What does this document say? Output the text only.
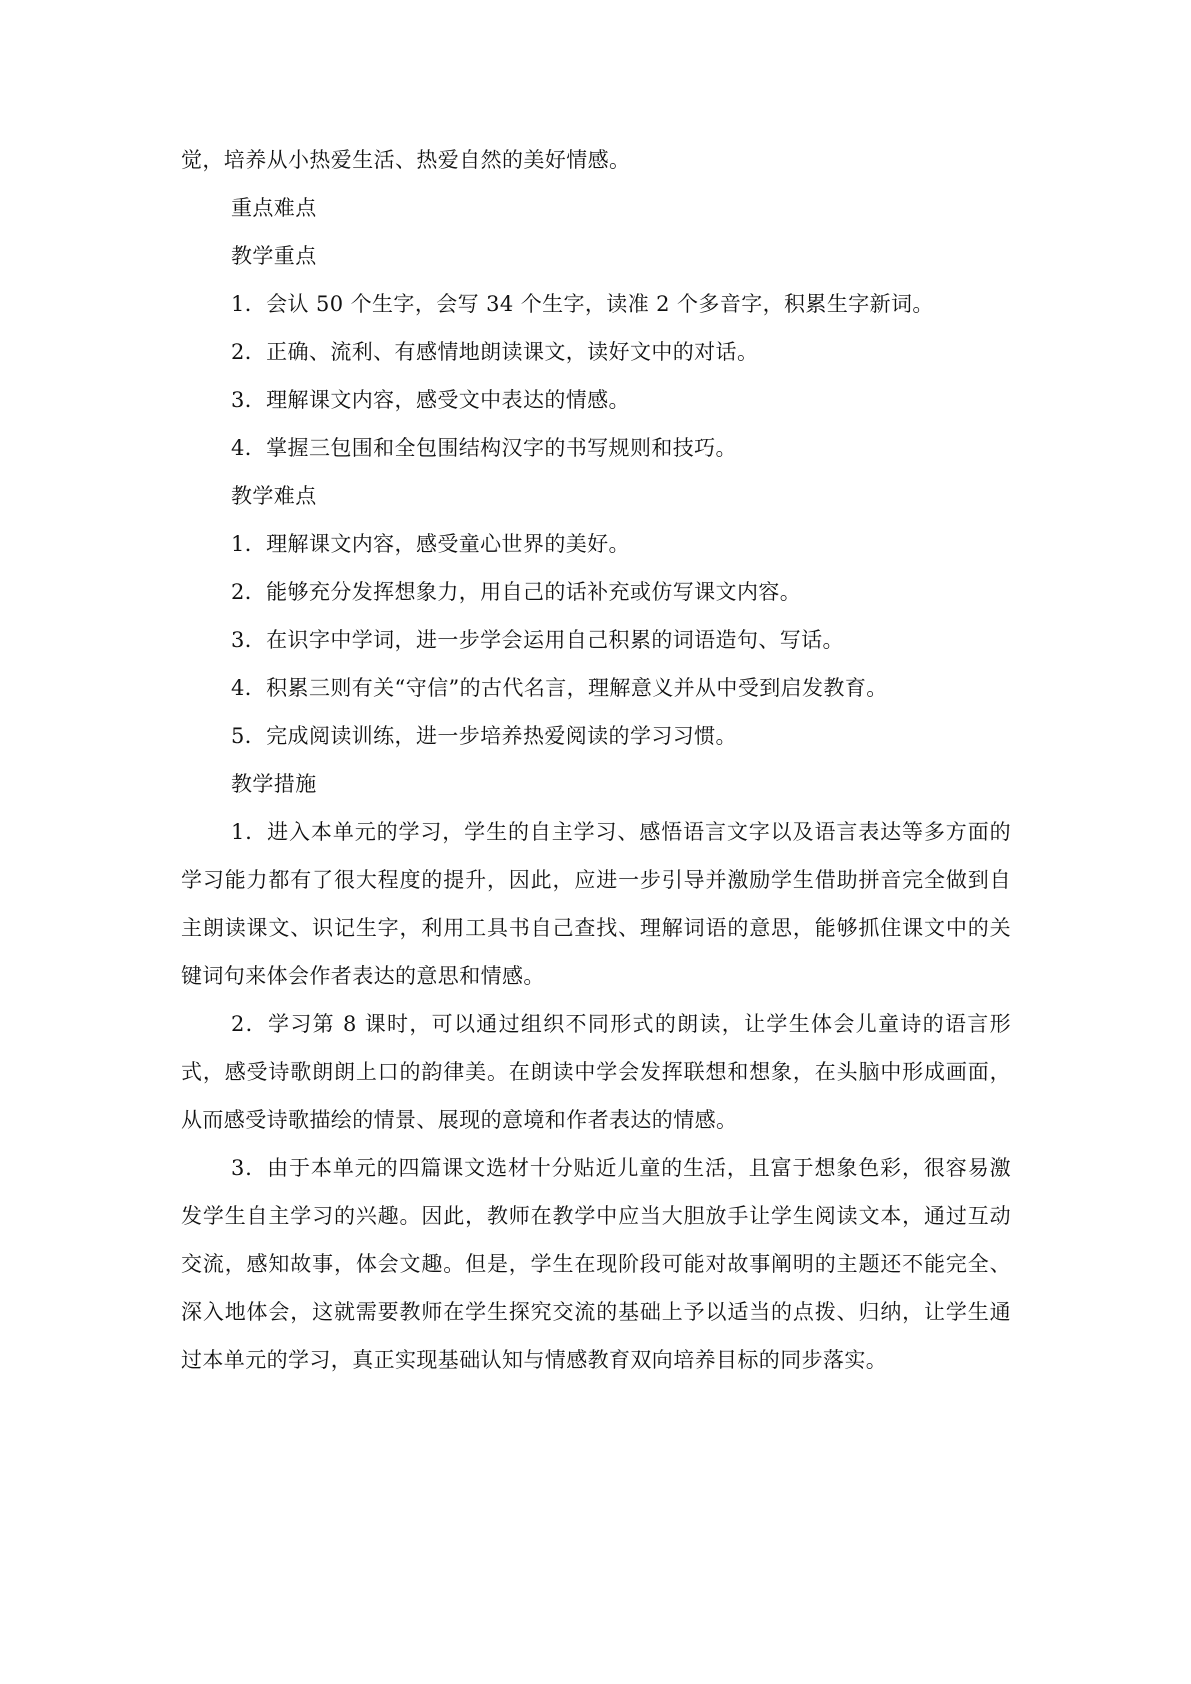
觉，培养从小热爱生活、热爱自然的美好情感。

重点难点

教学重点

1．会认 50 个生字，会写 34 个生字，读准 2 个多音字，积累生字新词。

2．正确、流利、有感情地朗读课文，读好文中的对话。

3．理解课文内容，感受文中表达的情感。

4．掌握三包围和全包围结构汉字的书写规则和技巧。

教学难点

1．理解课文内容，感受童心世界的美好。

2．能够充分发挥想象力，用自己的话补充或仿写课文内容。

3．在识字中学词，进一步学会运用自己积累的词语造句、写话。

4．积累三则有关“守信”的古代名言，理解意义并从中受到启发教育。

5．完成阅读训练，进一步培养热爱阅读的学习习惯。

教学措施

1．进入本单元的学习，学生的自主学习、感悟语言文字以及语言表达等多方面的学习能力都有了很大程度的提升，因此，应进一步引导并激励学生借助拼音完全做到自主朗读课文、识记生字，利用工具书自己查找、理解词语的意思，能够抓住课文中的关键词句来体会作者表达的意思和情感。

2．学习第 8 课时，可以通过组织不同形式的朗读，让学生体会儿童诗的语言形式，感受诗歌朗朗上口的韵律美。在朗读中学会发挥联想和想象，在头脑中形成画面，从而感受诗歌描绘的情景、展现的意境和作者表达的情感。

3．由于本单元的四篇课文选材十分贴近儿童的生活，且富于想象色彩，很容易激发学生自主学习的兴趣。因此，教师在教学中应当大胆放手让学生阅读文本，通过互动交流，感知故事，体会文趣。但是，学生在现阶段可能对故事阐明的主题还不能完全、深入地体会，这就需要教师在学生探究交流的基础上予以适当的点拨、归纳，让学生通过本单元的学习，真正实现基础认知与情感教育双向培养目标的同步落实。
